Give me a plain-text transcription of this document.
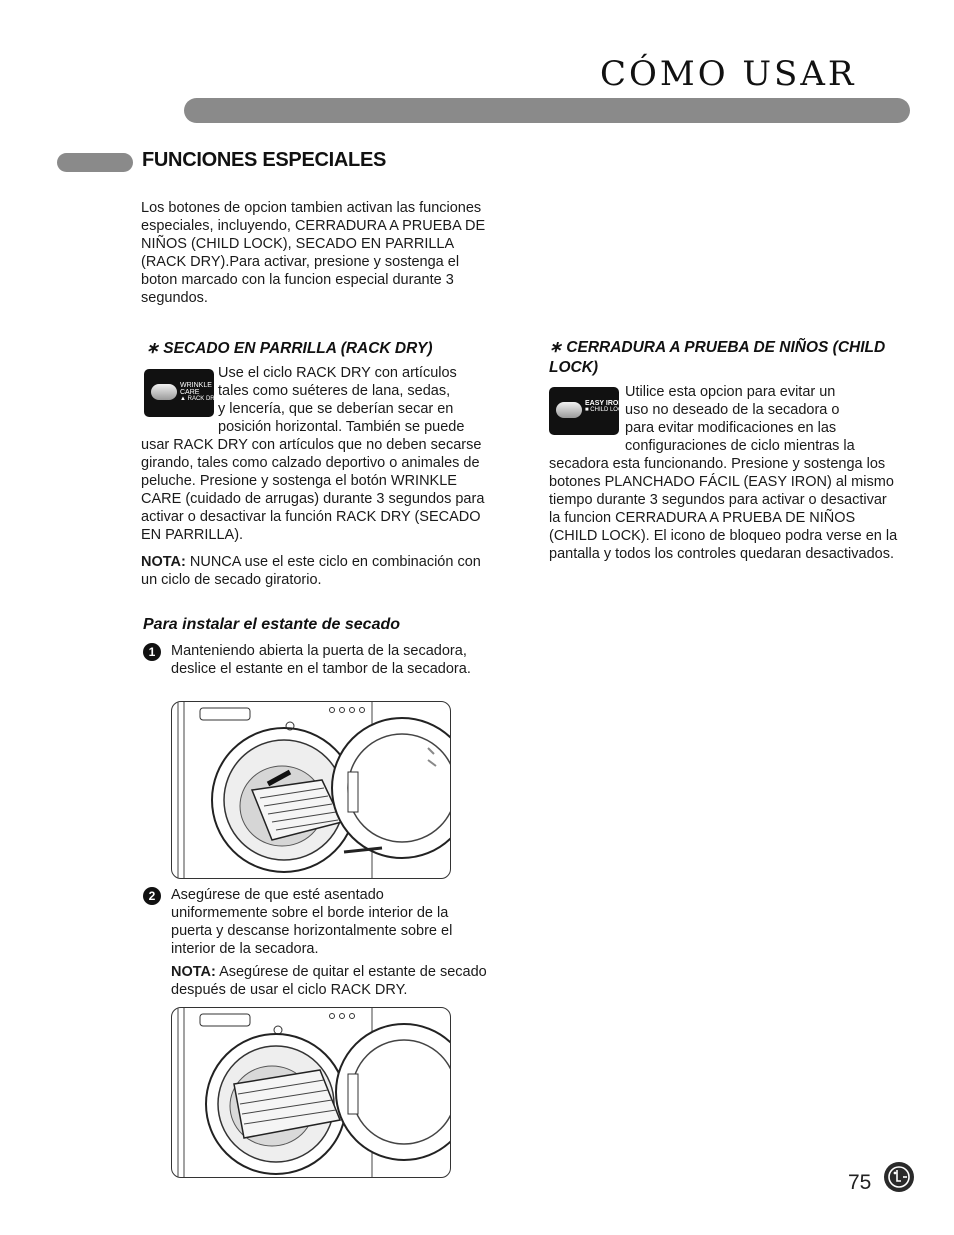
CÓMO USAR
FUNCIONES ESPECIALES

Los botones de opcion tambien activan las funciones especiales, incluyendo, CERRADURA A PRUEBA DE NIÑOS (CHILD LOCK), SECADO EN PARRILLA (RACK DRY).Para activar, presione y sostenga el boton marcado con la funcion especial durante 3 segundos.

∗ SECADO EN PARRILLA (RACK DRY)
WRINKLE
CARE
▲ RACK DRY
Use el ciclo RACK DRY con artículos
tales como suéteres de lana, sedas,
y lencería, que se deberían secar en
posición horizontal. También se puede

usar RACK DRY con artículos que no deben secarse girando, tales como calzado deportivo o animales de peluche. Presione y sostenga el botón WRINKLE CARE (cuidado de arrugas) durante 3 segundos para activar o desactivar la función RACK DRY (SECADO EN PARRILLA).

NOTA: NUNCA use el este ciclo en combinación con un ciclo de secado giratorio.

∗ CERRADURA A PRUEBA DE NIÑOS (CHILD LOCK)
EASY IRON
■ CHILD LOCK
Utilice esta opcion para evitar un
uso no deseado de la secadora o
para evitar modificaciones en las
configuraciones de ciclo mientras la

secadora esta funcionando. Presione y sostenga los botones PLANCHADO FÁCIL (EASY IRON) al mismo tiempo durante 3 segundos para activar o desactivar la funcion CERRADURA A PRUEBA DE NIÑOS (CHILD LOCK). El icono de bloqueo podra verse en la pantalla y todos los controles quedaran desactivados.

Para instalar el estante de secado
1	Manteniendo abierta la puerta de la secadora, deslice el estante en el tambor de la secadora.

2	Asegúrese de que esté asentado uniformemente sobre el borde interior de la puerta y descanse horizontalmente sobre el interior de la secadora.

NOTA: Asegúrese de quitar el estante de secado después de usar el ciclo RACK DRY.

75
